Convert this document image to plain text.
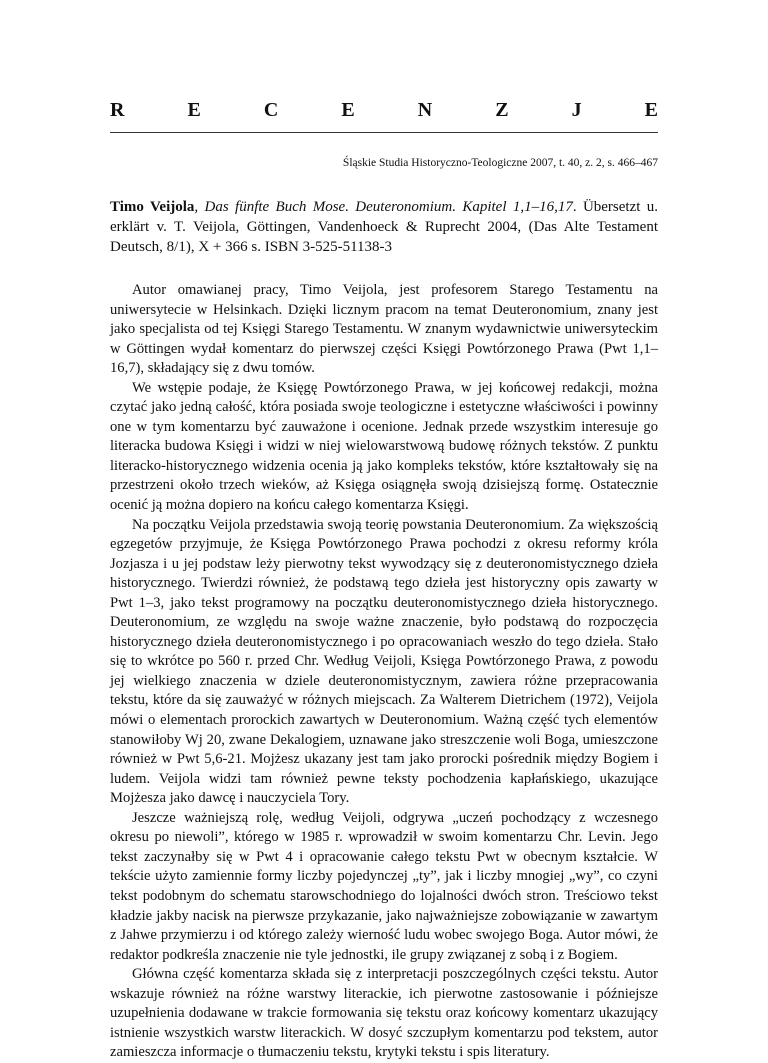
R	E	C	E	N	Z	J	E
Śląskie Studia Historyczno-Teologiczne 2007, t. 40, z. 2, s. 466–467
Timo Veijola, Das fünfte Buch Mose. Deuteronomium. Kapitel 1,1–16,17. Übersetzt u. erklärt v. T. Veijola, Göttingen, Vandenhoeck & Ruprecht 2004, (Das Alte Testament Deutsch, 8/1), X + 366 s. ISBN 3-525-51138-3

Autor omawianej pracy, Timo Veijola, jest profesorem Starego Testamentu na uniwersytecie w Helsinkach. Dzięki licznym pracom na temat Deuteronomium, znany jest jako specjalista od tej Księgi Starego Testamentu. W znanym wydawnictwie uniwersyteckim w Göttingen wydał komentarz do pierwszej części Księgi Powtórzonego Prawa (Pwt 1,1–16,7), składający się z dwu tomów.

We wstępie podaje, że Księgę Powtórzonego Prawa, w jej końcowej redakcji, można czytać jako jedną całość, która posiada swoje teologiczne i estetyczne właściwości i powinny one w tym komentarzu być zauważone i ocenione. Jednak przede wszystkim interesuje go literacka budowa Księgi i widzi w niej wielowarstwową budowę różnych tekstów. Z punktu literacko-historycznego widzenia ocenia ją jako kompleks tekstów, które kształtowały się na przestrzeni około trzech wieków, aż Księga osiągnęła swoją dzisiejszą formę. Ostatecznie ocenić ją można dopiero na końcu całego komentarza Księgi.

Na początku Veijola przedstawia swoją teorię powstania Deuteronomium. Za większością egzegetów przyjmuje, że Księga Powtórzonego Prawa pochodzi z okresu reformy króla Jozjasza i u jej podstaw leży pierwotny tekst wywodzący się z deuteronomistycznego dzieła historycznego. Twierdzi również, że podstawą tego dzieła jest historyczny opis zawarty w Pwt 1–3, jako tekst programowy na początku deuteronomistycznego dzieła historycznego. Deuteronomium, ze względu na swoje ważne znaczenie, było podstawą do rozpoczęcia historycznego dzieła deuteronomistycznego i po opracowaniach weszło do tego dzieła. Stało się to wkrótce po 560 r. przed Chr. Według Veijoli, Księga Powtórzonego Prawa, z powodu jej wielkiego znaczenia w dziele deuteronomistycznym, zawiera różne przepracowania tekstu, które da się zauważyć w różnych miejscach. Za Walterem Dietrichem (1972), Veijola mówi o elementach prorockich zawartych w Deuteronomium. Ważną część tych elementów stanowiłoby Wj 20, zwane Dekalogiem, uznawane jako streszczenie woli Boga, umieszczone również w Pwt 5,6-21. Mojżesz ukazany jest tam jako prorocki pośrednik między Bogiem i ludem. Veijola widzi tam również pewne teksty pochodzenia kapłańskiego, ukazujące Mojżesza jako dawcę i nauczyciela Tory.

Jeszcze ważniejszą rolę, według Veijoli, odgrywa „uczeń pochodzący z wczesnego okresu po niewoli”, którego w 1985 r. wprowadził w swoim komentarzu Chr. Levin. Jego tekst zaczynałby się w Pwt 4 i opracowanie całego tekstu Pwt w obecnym kształcie. W tekście użyto zamiennie formy liczby pojedynczej „ty”, jak i liczby mnogiej „wy”, co czyni tekst podobnym do schematu starowschodniego do lojalności dwóch stron. Treściowo tekst kładzie jakby nacisk na pierwsze przykazanie, jako najważniejsze zobowiązanie w zawartym z Jahwe przymierzu i od którego zależy wierność ludu wobec swojego Boga. Autor mówi, że redaktor podkreśla znaczenie nie tyle jednostki, ile grupy związanej z sobą i z Bogiem.

Główna część komentarza składa się z interpretacji poszczególnych części tekstu. Autor wskazuje również na różne warstwy literackie, ich pierwotne zastosowanie i późniejsze uzupełnienia dodawane w trakcie formowania się tekstu oraz końcowy komentarz ukazujący istnienie wszystkich warstw literackich. W dosyć szczupłym komentarzu pod tekstem, autor zamieszcza informacje o tłumaczeniu tekstu, krytyki tekstu i spis literatury.
